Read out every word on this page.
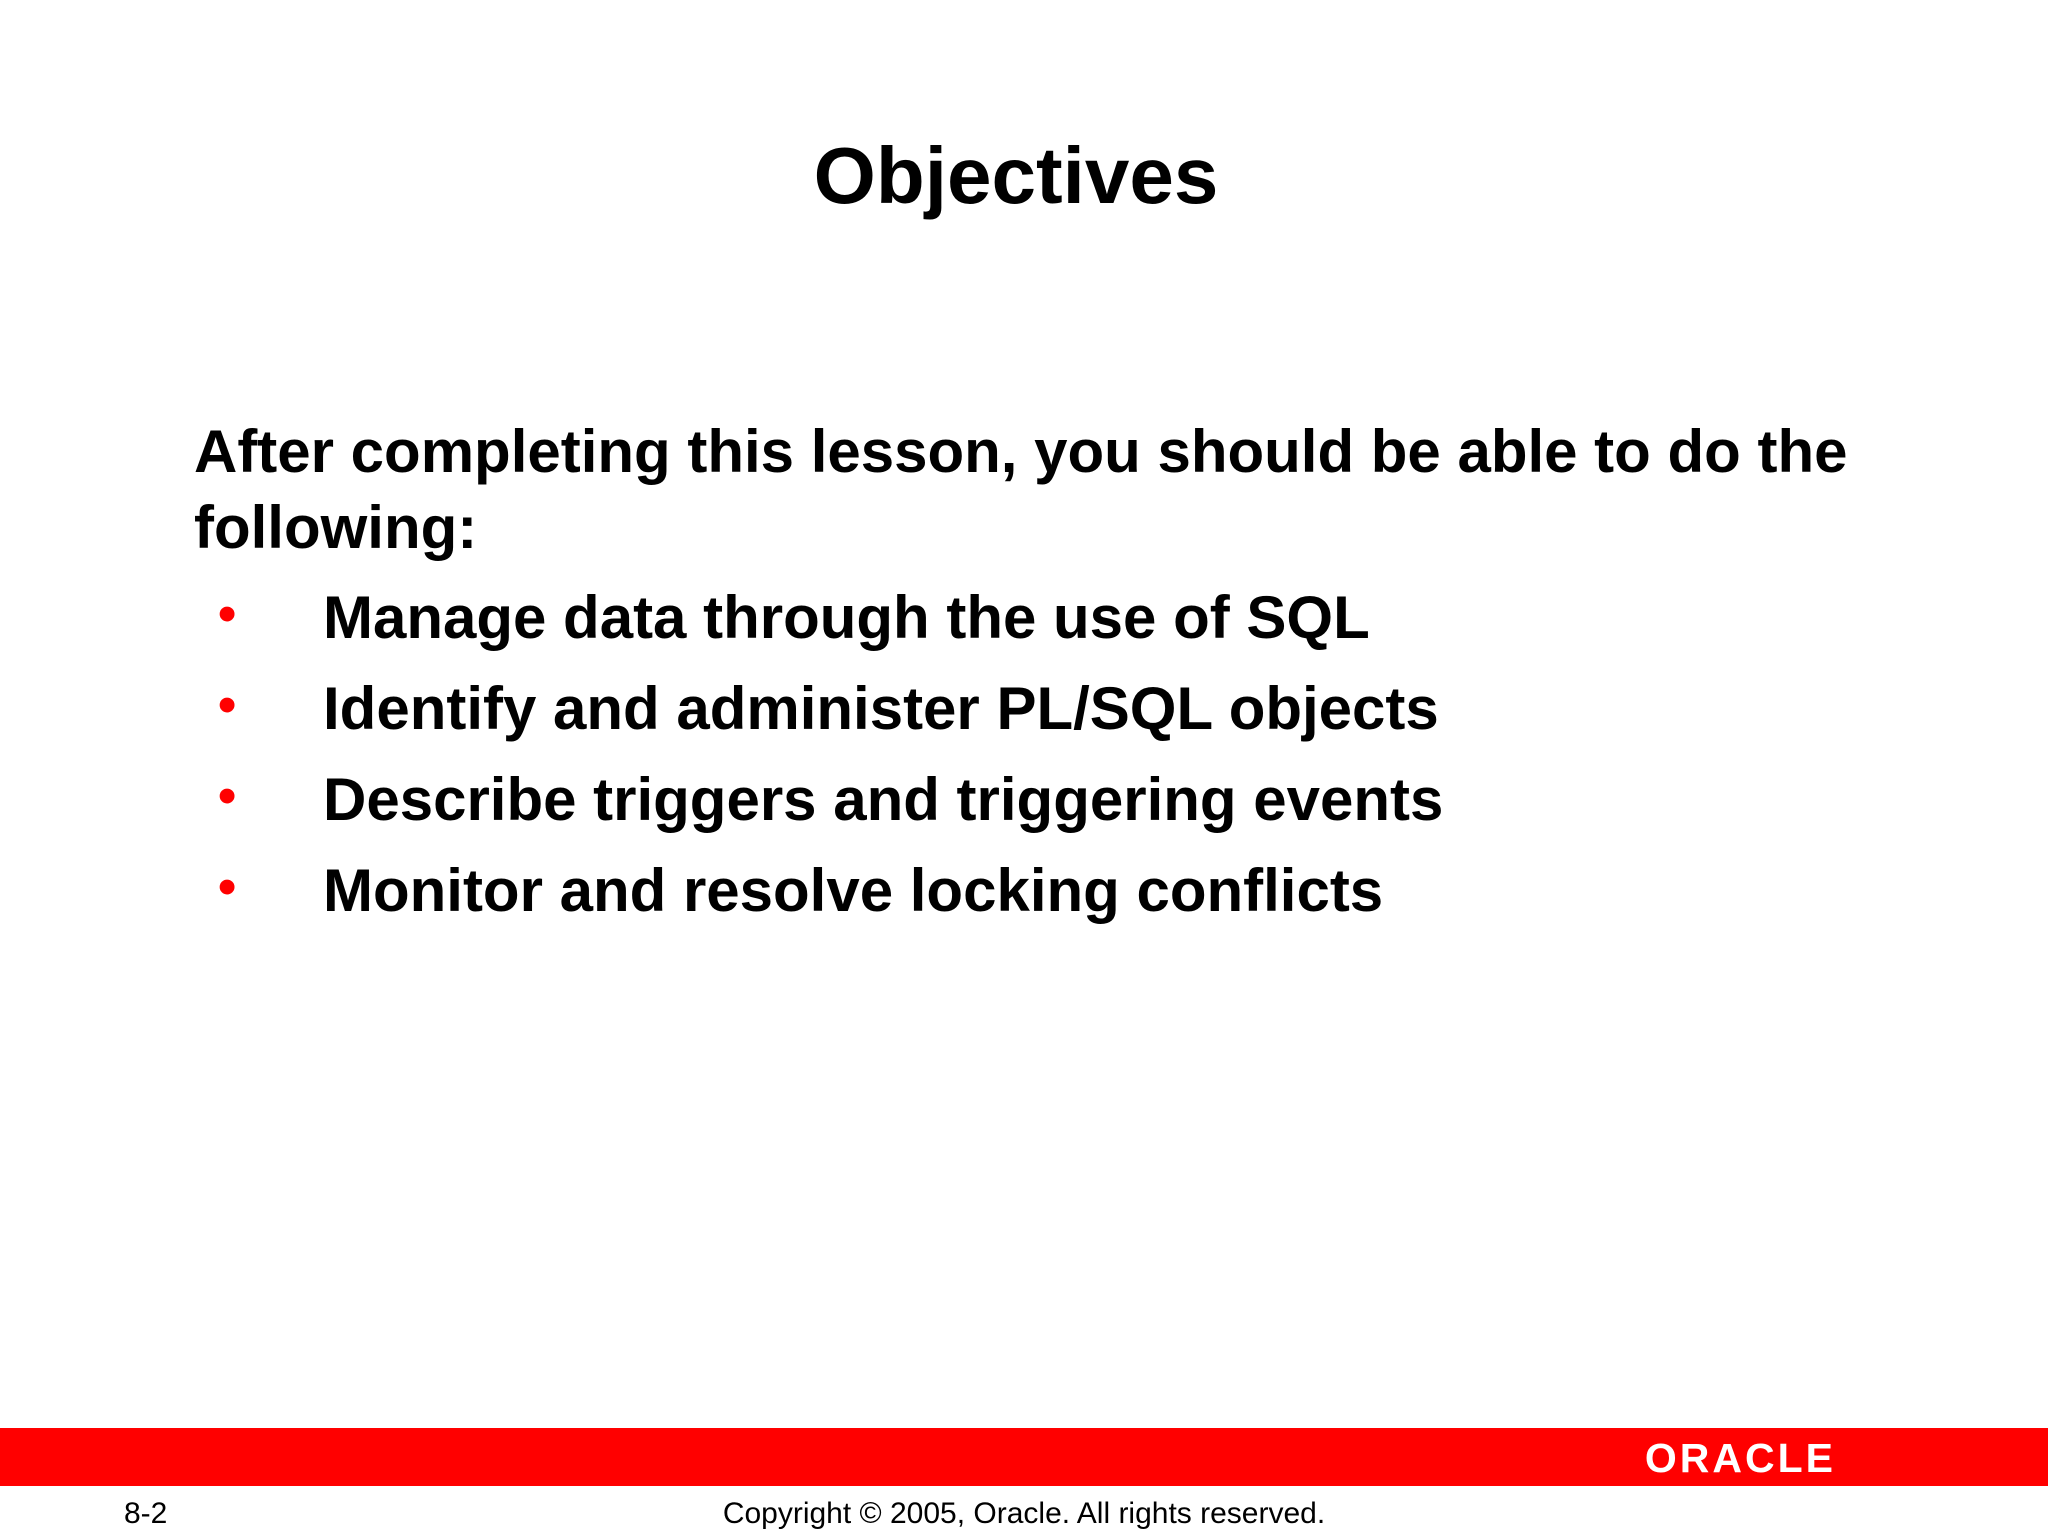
Objectives
After completing this lesson, you should be able to do the following:
• Manage data through the use of SQL
• Identify and administer PL/SQL objects
• Describe triggers and triggering events
• Monitor and resolve locking conflicts
ORACLE
8-2	Copyright © 2005, Oracle. All rights reserved.
